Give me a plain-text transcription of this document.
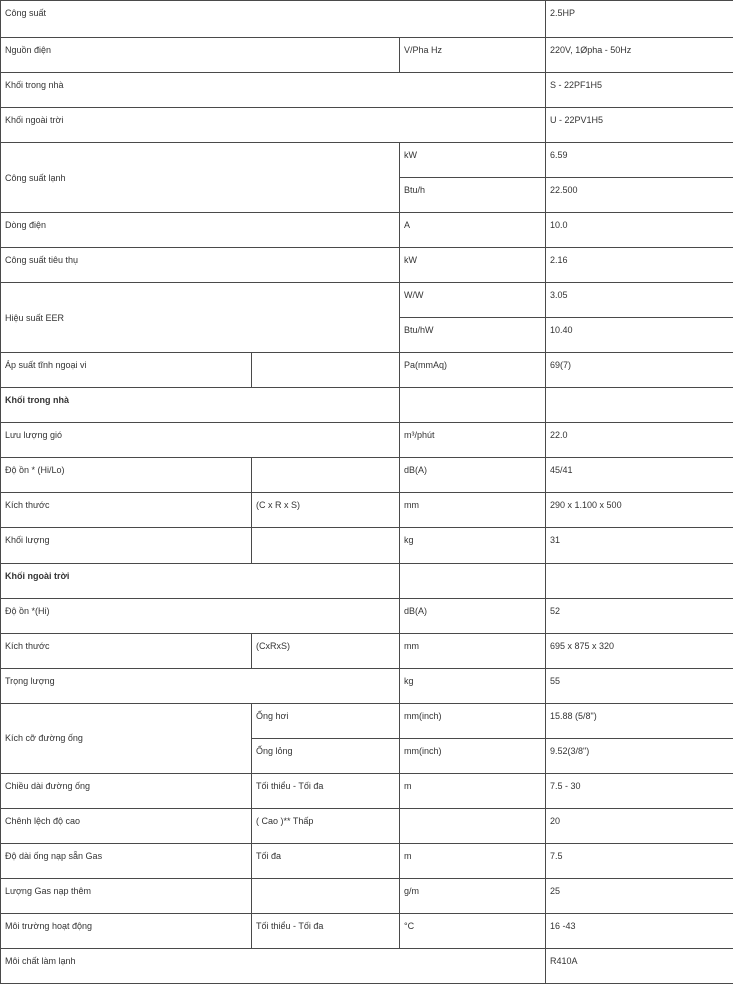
Công suất			2.5HP

Nguồn điện		V/Pha Hz	220V, 1Øpha - 50Hz

Khối trong nhà			S - 22PF1H5

Khối ngoài trời			U - 22PV1H5

Công suất lạnh		kW	6.59

		Btu/h	22.500

Dòng điện		A	10.0

Công suất tiêu thụ		kW	2.16

Hiệu suất EER		W/W	3.05

		Btu/hW	10.40

Áp suất tĩnh ngoại vi		Pa(mmAq)	69(7)

Khối trong nhà			

Lưu lượng gió		m³/phút	22.0

Độ ồn * (Hi/Lo)		dB(A)	45/41

Kích thước	(C x R x S)	mm	290 x 1.100 x 500

Khối lượng		kg	31

Khối ngoài trời			

Độ ồn *(Hi)		dB(A)	52

Kích thước	(CxRxS)	mm	695 x 875 x 320

Trọng lượng		kg	55

Kích cỡ đường ống	Ống hơi	mm(inch)	15.88 (5/8")

	Ống lỏng	mm(inch)	9.52(3/8")

Chiều dài đường ống	Tối thiểu - Tối đa	m	7.5 - 30

Chênh lệch độ cao	( Cao )** Thấp		20

Độ dài ống nạp sẵn Gas	Tối đa	m	7.5

Lượng Gas nạp thêm		g/m	25

Môi trường hoạt động	Tối thiểu - Tối đa	°C	16 -43

Môi chất làm lạnh			R410A
